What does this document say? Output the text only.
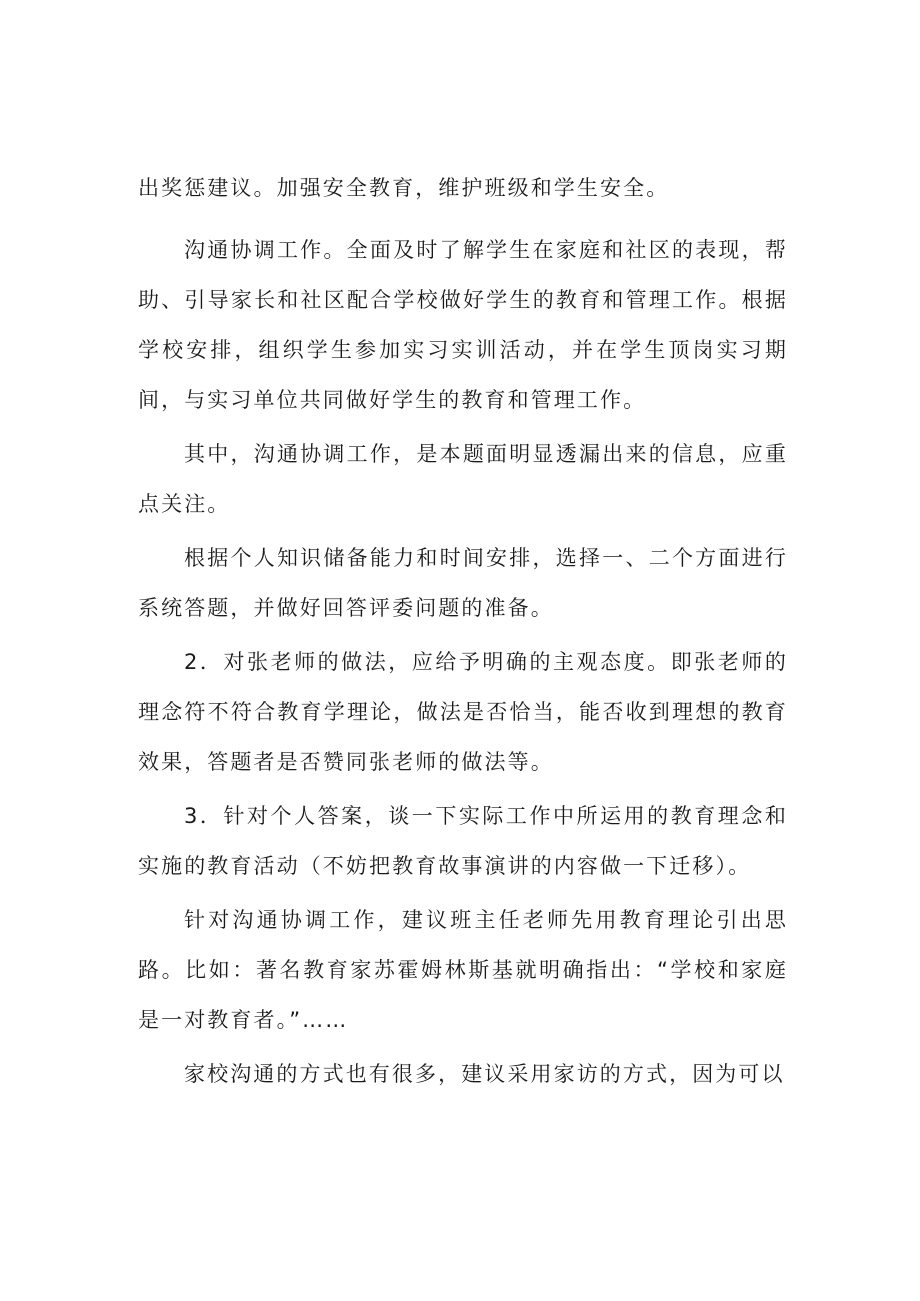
出奖惩建议。加强安全教育，维护班级和学生安全。

沟通协调工作。全面及时了解学生在家庭和社区的表现，帮助、引导家长和社区配合学校做好学生的教育和管理工作。根据学校安排，组织学生参加实习实训活动，并在学生顶岗实习期间，与实习单位共同做好学生的教育和管理工作。

其中，沟通协调工作，是本题面明显透漏出来的信息，应重点关注。

根据个人知识储备能力和时间安排，选择一、二个方面进行系统答题，并做好回答评委问题的准备。

2．对张老师的做法，应给予明确的主观态度。即张老师的理念符不符合教育学理论，做法是否恰当，能否收到理想的教育效果，答题者是否赞同张老师的做法等。

3．针对个人答案，谈一下实际工作中所运用的教育理念和实施的教育活动（不妨把教育故事演讲的内容做一下迁移）。

针对沟通协调工作，建议班主任老师先用教育理论引出思路。比如：著名教育家苏霍姆林斯基就明确指出：“学校和家庭是一对教育者。”……

家校沟通的方式也有很多，建议采用家访的方式，因为可以
